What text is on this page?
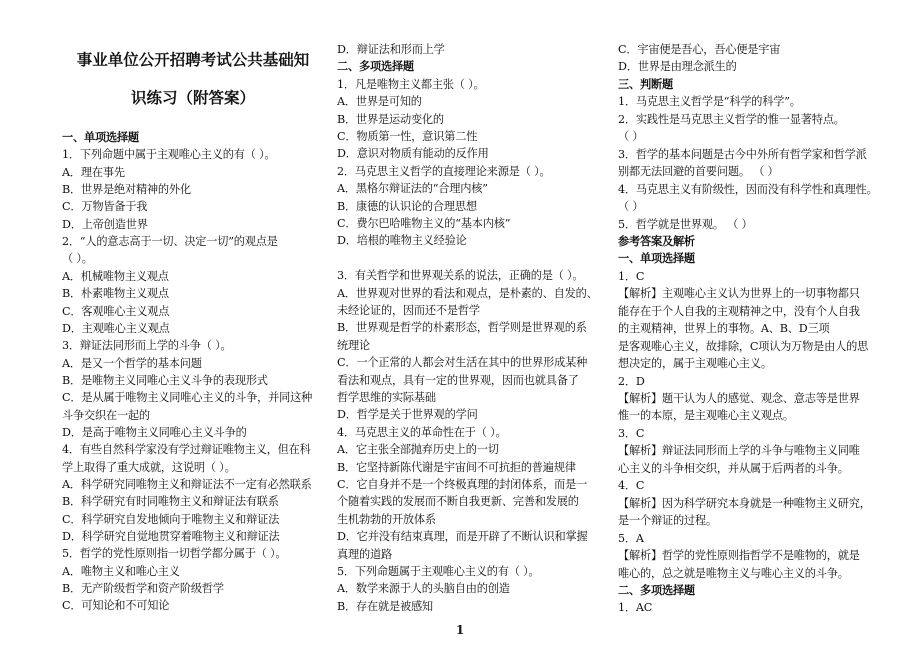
事业单位公开招聘考试公共基础知
识练习（附答案）
一、单项选择题
1．下列命题中属于主观唯心主义的有（ ）。
A．理在事先
B．世界是绝对精神的外化
C．万物皆备于我
D．上帝创造世界
2．“人的意志高于一切、决定一切”的观点是
（ ）。
A．机械唯物主义观点
B．朴素唯物主义观点
C．客观唯心主义观点
D．主观唯心主义观点
3．辩证法同形而上学的斗争（ ）。
A．是又一个哲学的基本问题
B．是唯物主义同唯心主义斗争的表现形式
C．是从属于唯物主义同唯心主义的斗争，并同这种
斗争交织在一起的
D．是高于唯物主义同唯心主义斗争的
4．有些自然科学家没有学过辩证唯物主义，但在科
学上取得了重大成就，这说明（ ）。
A．科学研究同唯物主义和辩证法不一定有必然联系
B．科学研究有时同唯物主义和辩证法有联系
C．科学研究自发地倾向于唯物主义和辩证法
D．科学研究自觉地贯穿着唯物主义和辩证法
5．哲学的党性原则指一切哲学都分属于（ ）。
A．唯物主义和唯心主义
B．无产阶级哲学和资产阶级哲学
C．可知论和不可知论
D．辩证法和形而上学
二、多项选择题
1．凡是唯物主义都主张（ ）。
A．世界是可知的
B．世界是运动变化的
C．物质第一性，意识第二性
D．意识对物质有能动的反作用
2．马克思主义哲学的直接理论来源是（ ）。
A．黑格尔辩证法的“合理内核”
B．康德的认识论的合理思想
C．费尔巴哈唯物主义的“基本内核”
D．培根的唯物主义经验论
3．有关哲学和世界观关系的说法，正确的是（ ）。
A．世界观对世界的看法和观点，是朴素的、自发的、
未经论证的，因而还不是哲学
B．世界观是哲学的朴素形态，哲学则是世界观的系
统理论
C．一个正常的人都会对生活在其中的世界形成某种
看法和观点，具有一定的世界观，因而也就具备了
哲学思维的实际基础
D．哲学是关于世界观的学问
4．马克思主义的革命性在于（ ）。
A．它主张全部抛弃历史上的一切
B．它坚持新陈代谢是宇宙间不可抗拒的普遍规律
C．它自身并不是一个终极真理的封闭体系，而是一
个随着实践的发展而不断自我更新、完善和发展的
生机勃勃的开放体系
D．它并没有结束真理，而是开辟了不断认识和掌握
真理的道路
5．下列命题属于主观唯心主义的有（ ）。
A．数学来源于人的头脑自由的创造
B．存在就是被感知
C．宇宙便是吾心，吾心便是宇宙
D．世界是由理念派生的
三、判断题
1．马克思主义哲学是“科学的科学”。
2．实践性是马克思主义哲学的惟一显著特点。
（ ）
3．哲学的基本问题是古今中外所有哲学家和哲学派
别都无法回避的首要问题。 （ ）
4．马克思主义有阶级性，因而没有科学性和真理性。
（ ）
5．哲学就是世界观。 （ ）
参考答案及解析
一、单项选择题
1．C
【解析】主观唯心主义认为世界上的一切事物都只
能存在于个人自我的主观精神之中，没有个人自我
的主观精神，世界上的事物。A、B、D三项
是客观唯心主义，故排除，C项认为万物是由人的思
想决定的，属于主观唯心主义。
2．D
【解析】题干认为人的感觉、观念、意志等是世界
惟一的本原，是主观唯心主义观点。
3．C
【解析】辩证法同形而上学的斗争与唯物主义同唯
心主义的斗争相交织，并从属于后两者的斗争。
4．C
【解析】因为科学研究本身就是一种唯物主义研究，
是一个辩证的过程。
5．A
【解析】哲学的党性原则指哲学不是唯物的，就是
唯心的，总之就是唯物主义与唯心主义的斗争。
二、多项选择题
1．AC
1
